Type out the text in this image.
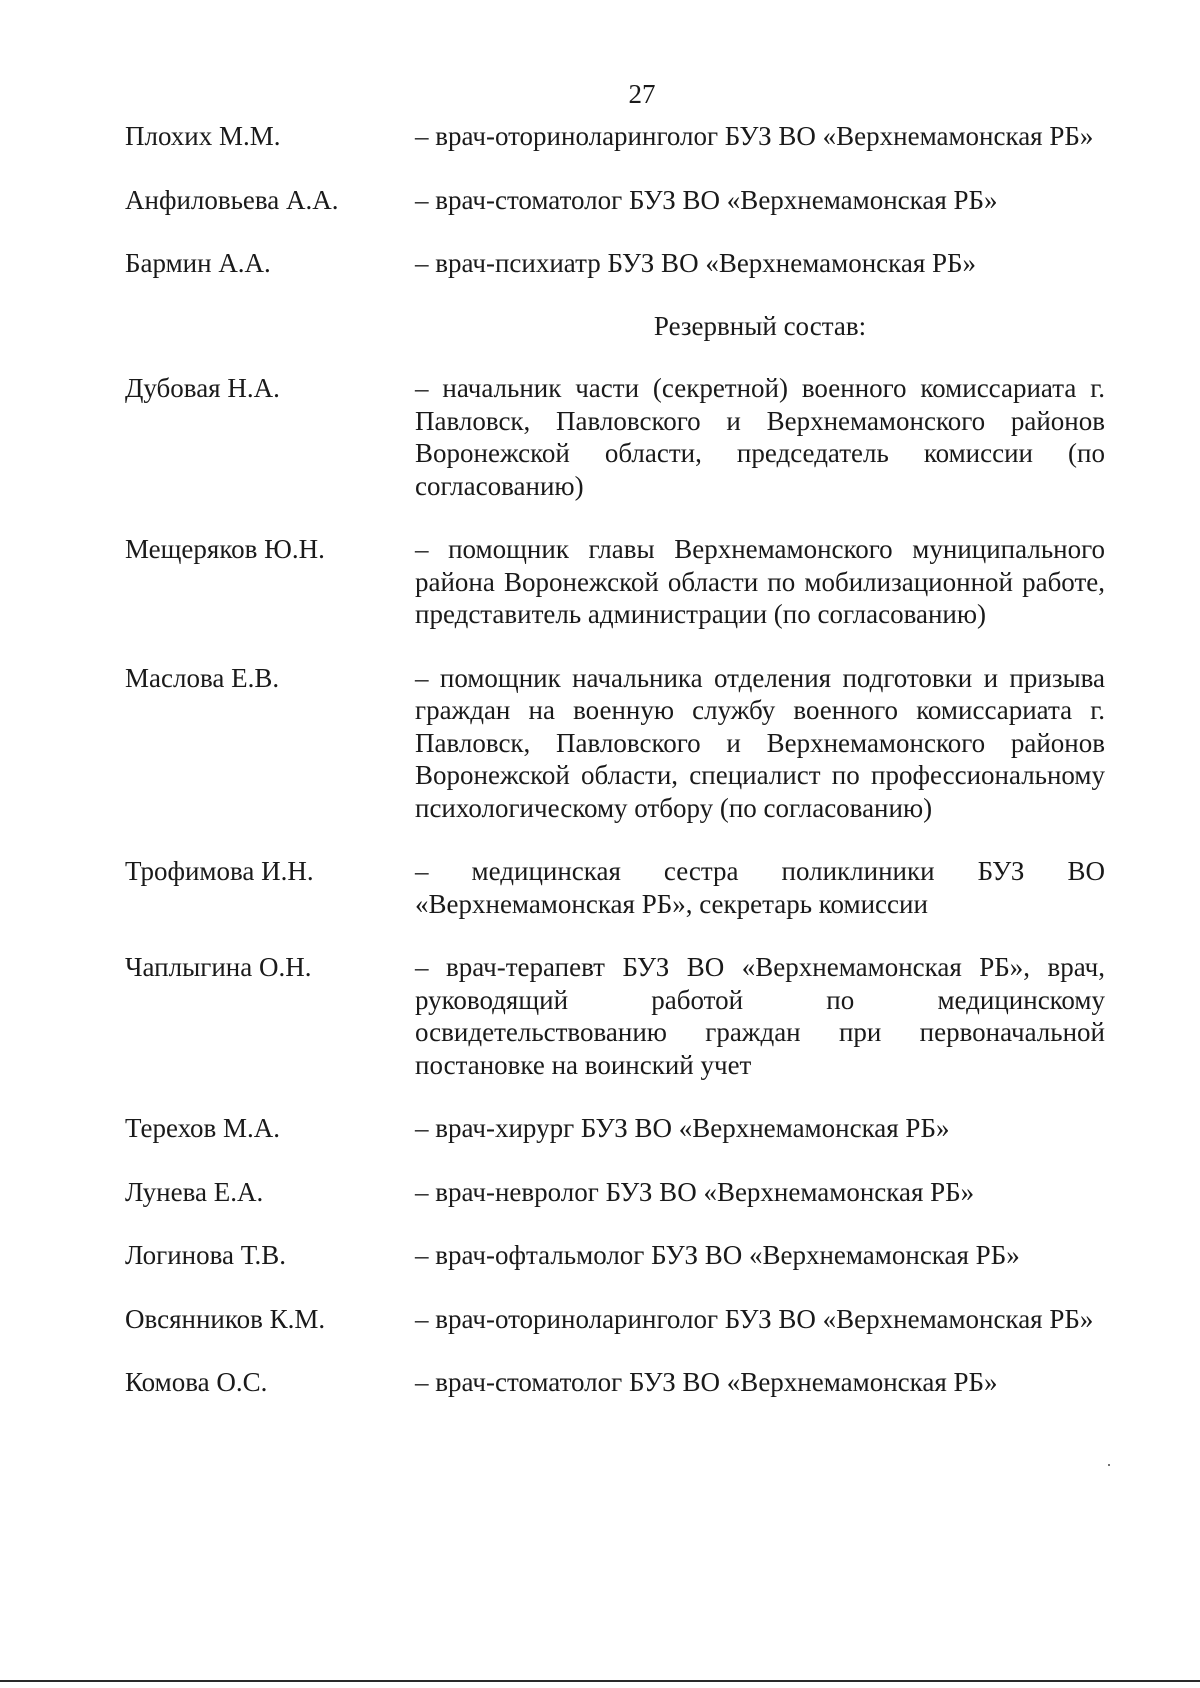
27
Плохих М.М.	– врач-оториноларинголог БУЗ ВО «Верхнемамонская РБ»
Анфиловьева А.А.	– врач-стоматолог БУЗ ВО «Верхнемамонская РБ»
Бармин А.А.	– врач-психиатр БУЗ ВО «Верхнемамонская РБ»
Резервный состав:
Дубовая Н.А.	– начальник части (секретной) военного комиссариата г. Павловск, Павловского и Верхнемамонского районов Воронежской области, председатель комиссии (по согласованию)
Мещеряков Ю.Н.	– помощник главы Верхнемамонского муниципального района Воронежской области по мобилизационной работе, представитель администрации (по согласованию)
Маслова Е.В.	– помощник начальника отделения подготовки и призыва граждан на военную службу военного комиссариата г. Павловск, Павловского и Верхнемамонского районов Воронежской области, специалист по профессиональному психологическому отбору (по согласованию)
Трофимова И.Н.	– медицинская сестра поликлиники БУЗ ВО «Верхнемамонская РБ», секретарь комиссии
Чаплыгина О.Н.	– врач-терапевт БУЗ ВО «Верхнемамонская РБ», врач, руководящий работой по медицинскому освидетельствованию граждан при первоначальной постановке на воинский учет
Терехов М.А.	– врач-хирург БУЗ ВО «Верхнемамонская РБ»
Лунева Е.А.	– врач-невролог БУЗ ВО «Верхнемамонская РБ»
Логинова Т.В.	– врач-офтальмолог БУЗ ВО «Верхнемамонская РБ»
Овсянников К.М.	– врач-оториноларинголог БУЗ ВО «Верхнемамонская РБ»
Комова О.С.	– врач-стоматолог БУЗ ВО «Верхнемамонская РБ»
